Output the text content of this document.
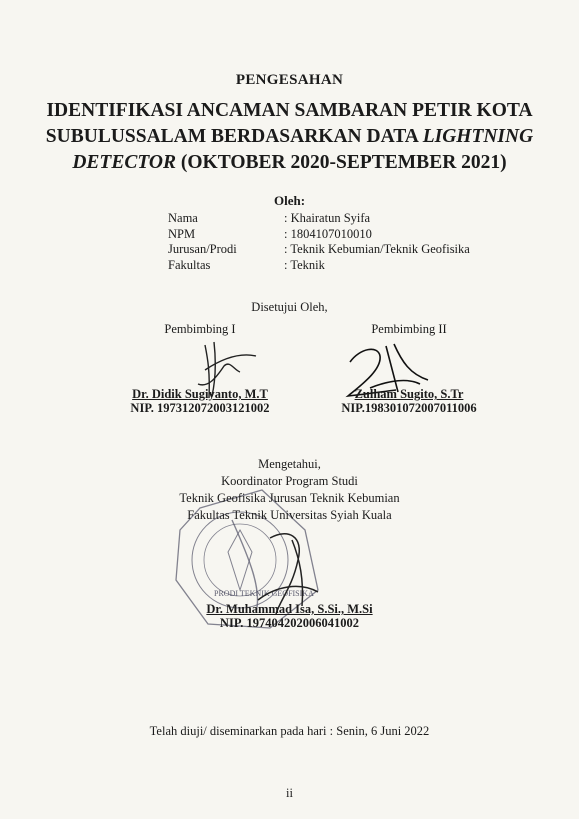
PENGESAHAN
IDENTIFIKASI ANCAMAN SAMBARAN PETIR KOTA
SUBULUSSALAM BERDASARKAN DATA LIGHTNING
DETECTOR (OKTOBER 2020-SEPTEMBER 2021)
Oleh:
Nama	: Khairatun Syifa
NPM	: 1804107010010
Jurusan/Prodi	: Teknik Kebumian/Teknik Geofisika
Fakultas	: Teknik
Disetujui Oleh,
PRODI TEKNIK GEOFISIKA
Pembimbing I	Pembimbing II
Dr. Didik Sugiyanto, M.T	Zulham Sugito, S.Tr
NIP. 197312072003121002	NIP.198301072007011006
Mengetahui,
Koordinator Program Studi
Teknik Geofisika Jurusan Teknik Kebumian
Fakultas Teknik Universitas Syiah Kuala
Dr. Muhammad Isa, S.Si., M.Si
NIP. 197404202006041002
Telah diuji/ diseminarkan pada hari : Senin, 6 Juni 2022
ii
